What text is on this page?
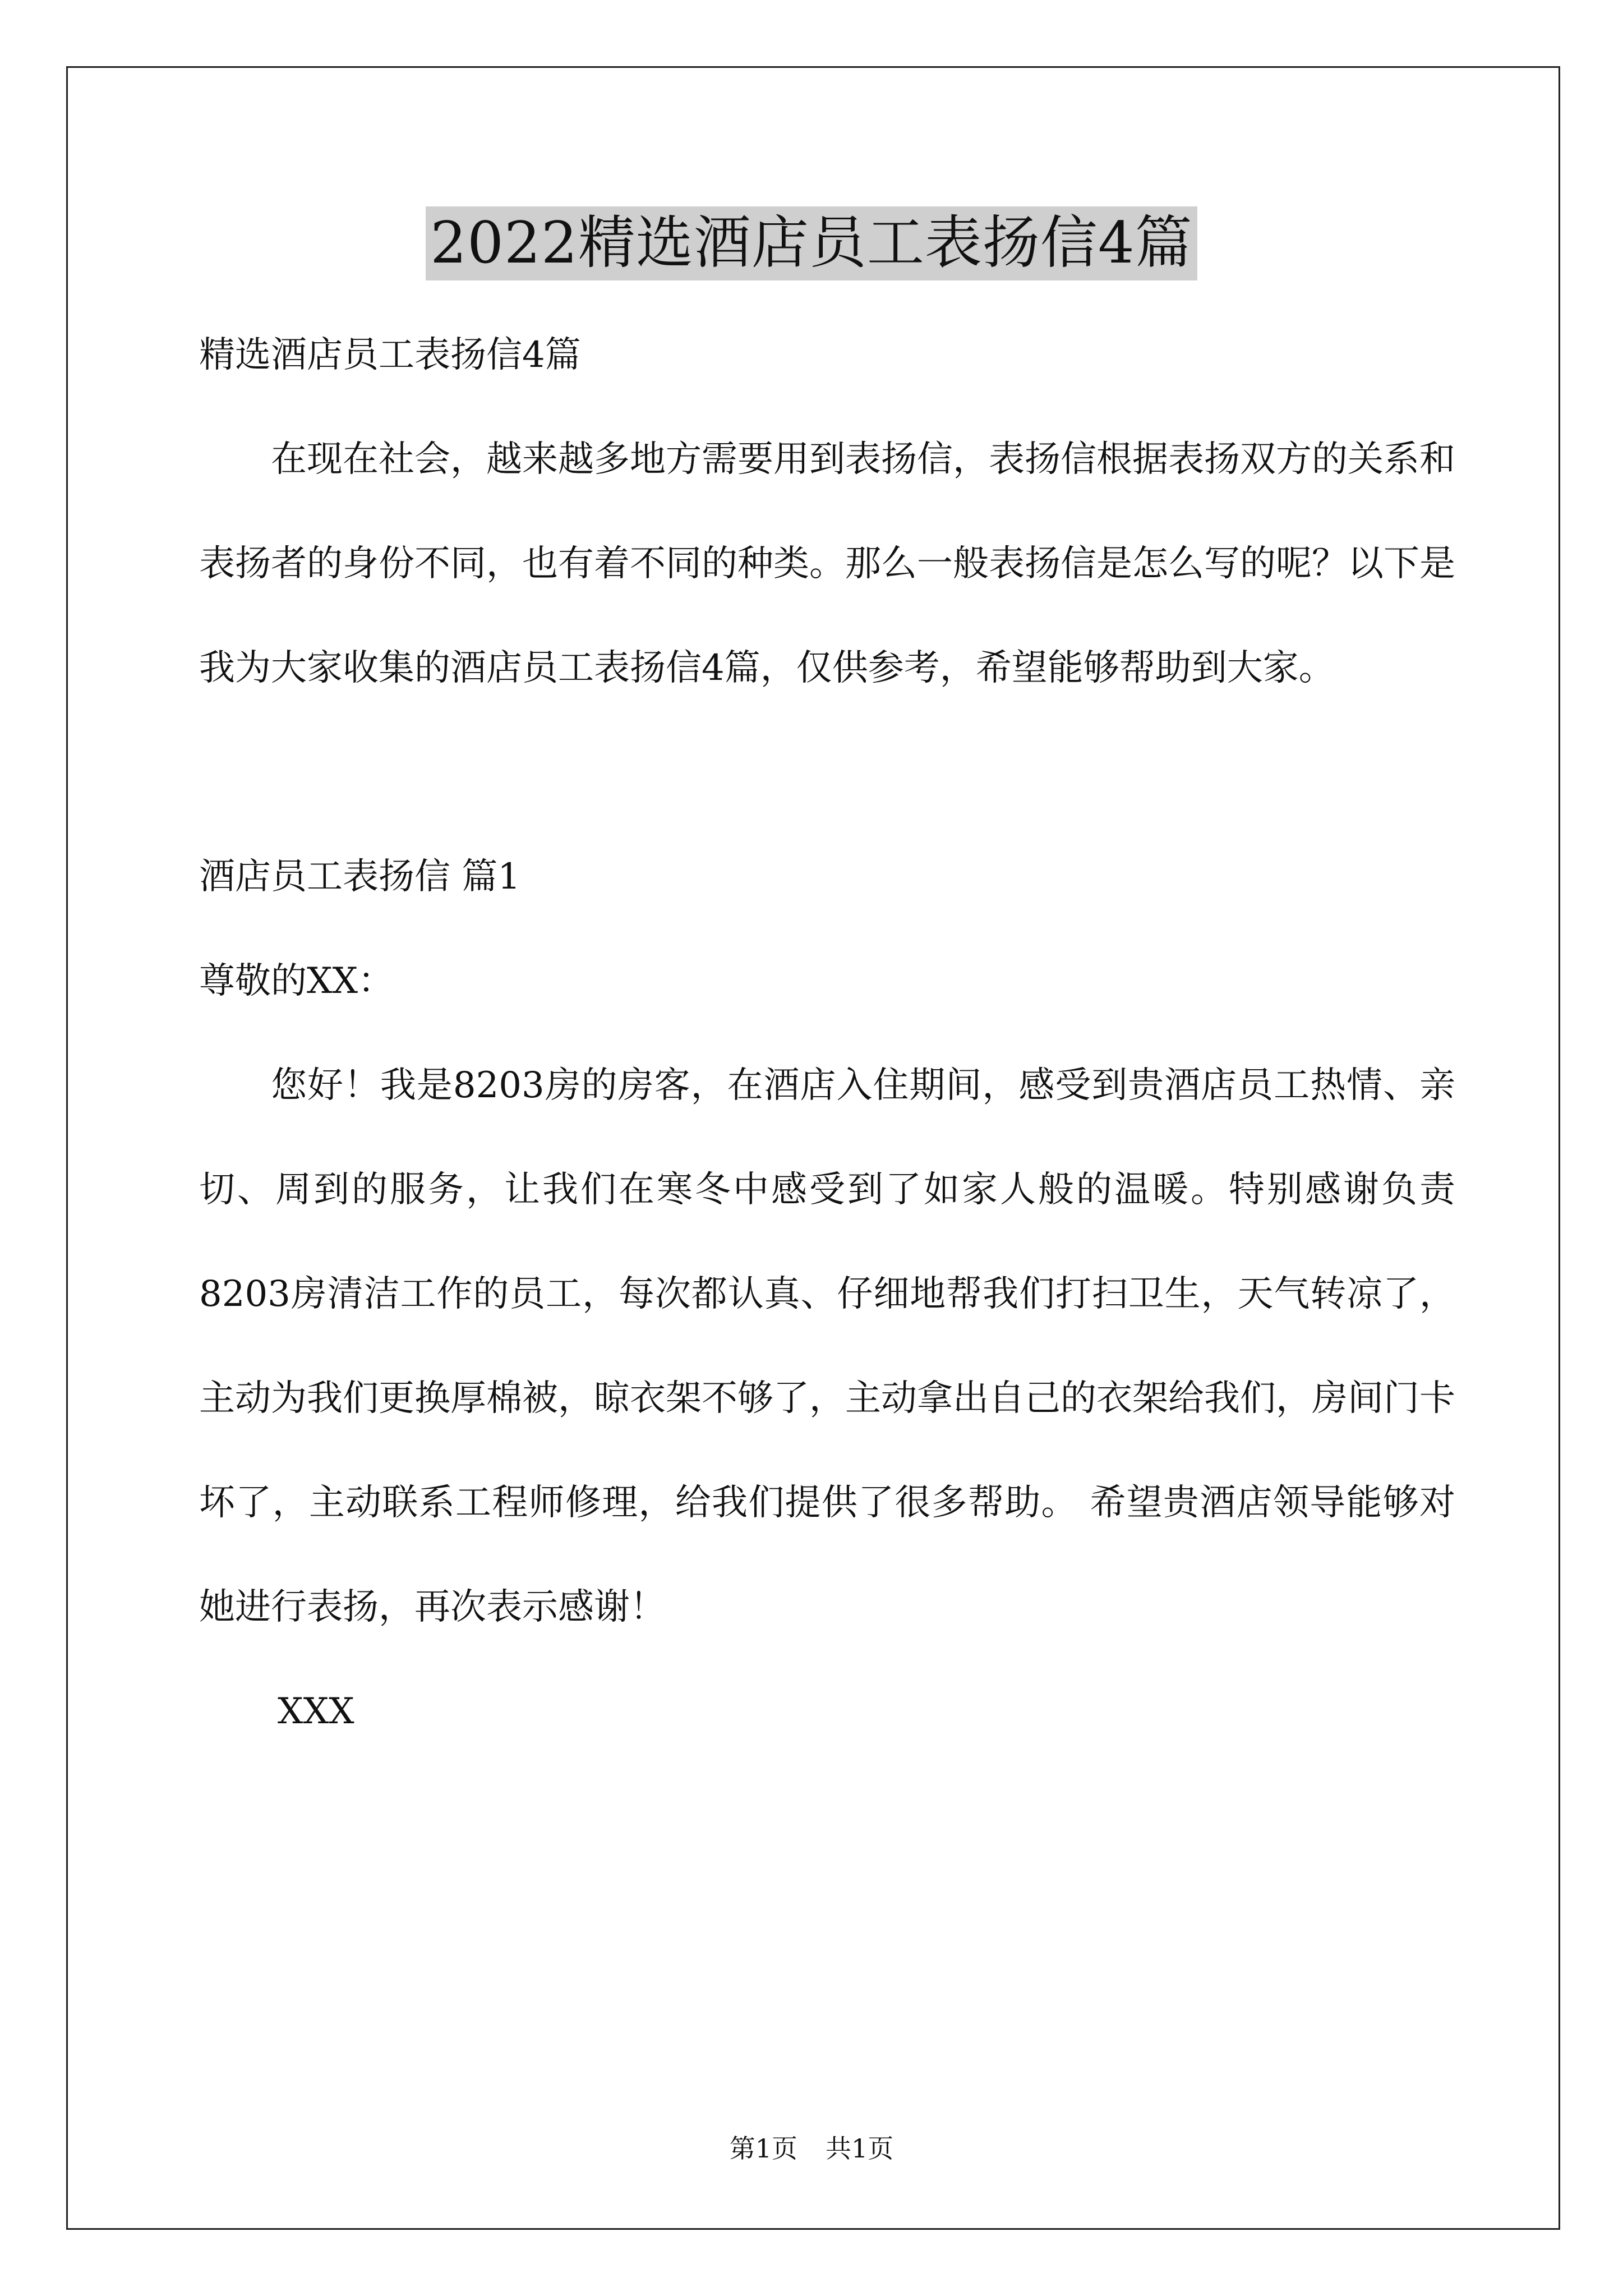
2022精选酒店员工表扬信4篇

精选酒店员工表扬信4篇

在现在社会，越来越多地方需要用到表扬信，表扬信根据表扬双方的关系和表扬者的身份不同，也有着不同的种类。那么一般表扬信是怎么写的呢？以下是我为大家收集的酒店员工表扬信4篇，仅供参考，希望能够帮助到大家。

酒店员工表扬信 篇1

尊敬的XX：

您好！我是8203房的房客，在酒店入住期间，感受到贵酒店员工热情、亲切、周到的服务，让我们在寒冬中感受到了如家人般的温暖。特别感谢负责8203房清洁工作的员工，每次都认真、仔细地帮我们打扫卫生，天气转凉了，主动为我们更换厚棉被，晾衣架不够了，主动拿出自己的衣架给我们，房间门卡坏了，主动联系工程师修理，给我们提供了很多帮助。 希望贵酒店领导能够对她进行表扬，再次表示感谢！

XXX

第1页 共1页
